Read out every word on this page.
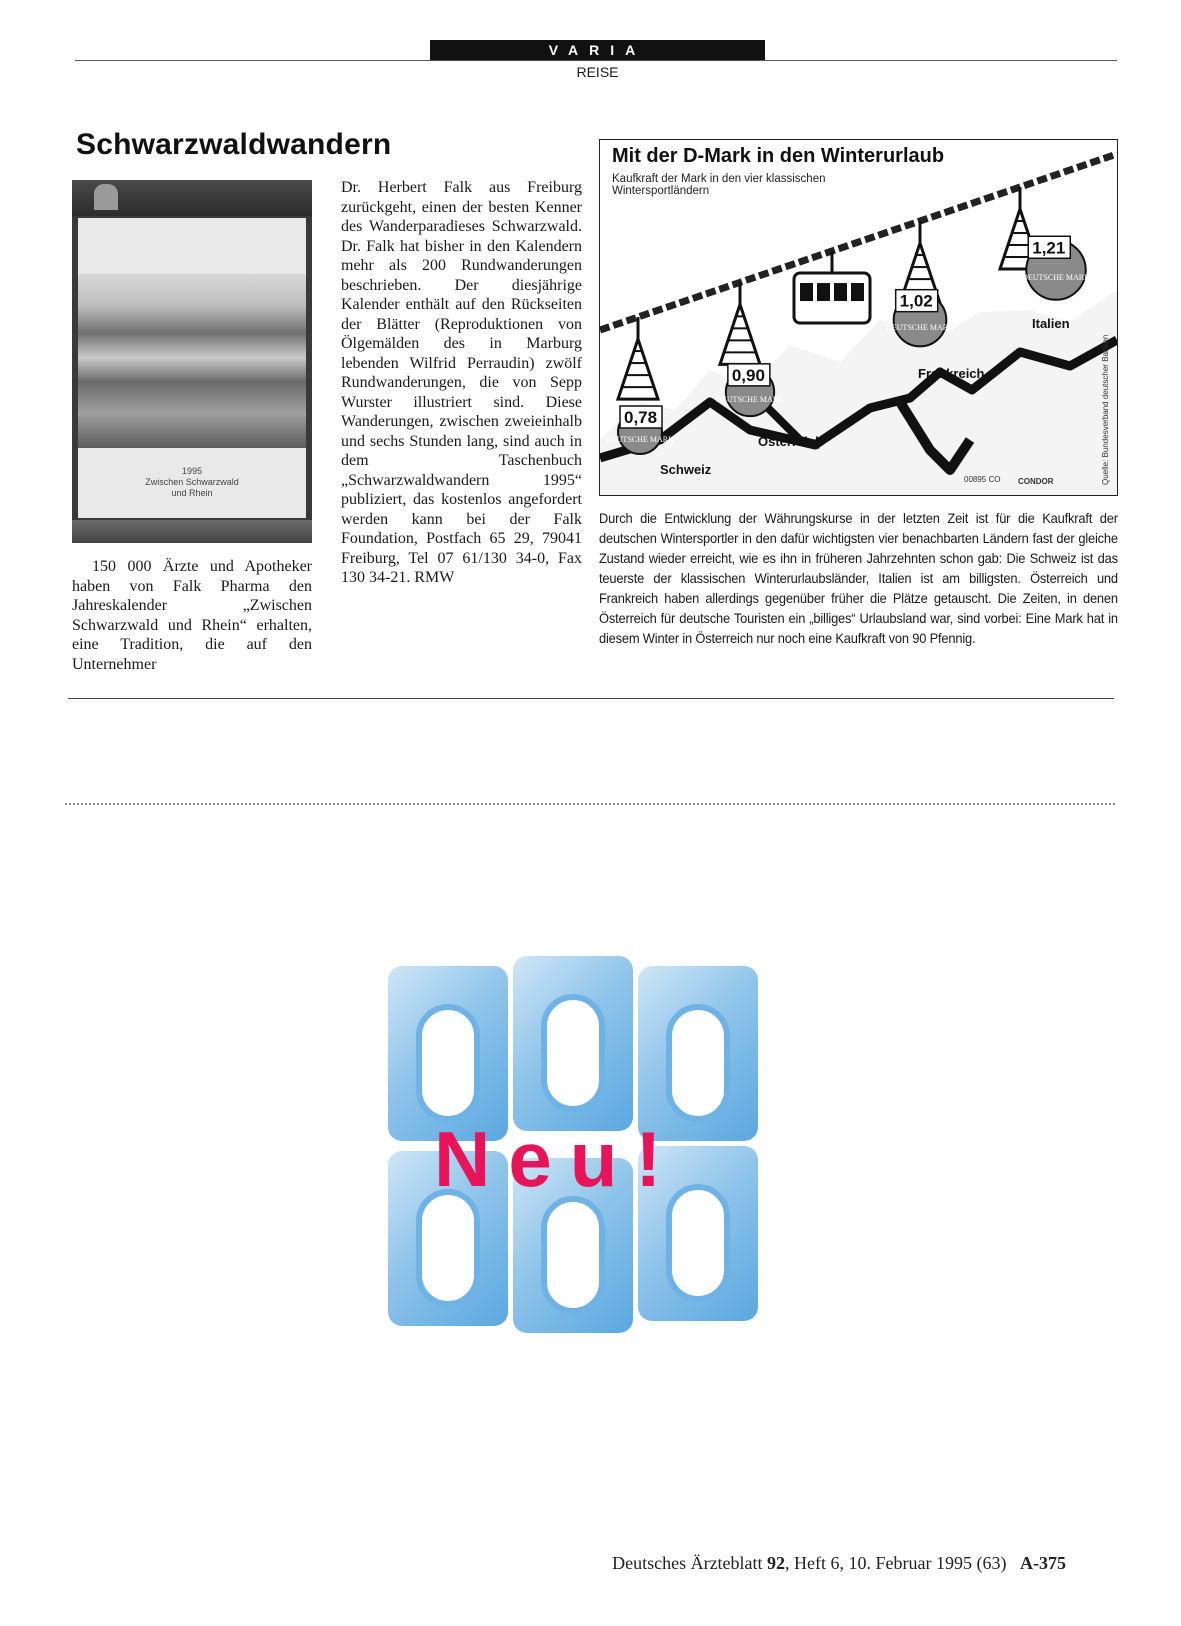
VARIA
REISE
Schwarzwaldwandern
1995
Zwischen Schwarzwald
und Rhein

150 000 Ärzte und Apotheker haben von Falk Pharma den Jahreskalender „Zwischen Schwarzwald und Rhein“ erhalten, eine Tradition, die auf den Unternehmer

Dr. Herbert Falk aus Freiburg zurückgeht, einen der besten Kenner des Wanderparadieses Schwarzwald. Dr. Falk hat bisher in den Kalendern mehr als 200 Rundwanderungen beschrieben. Der diesjährige Kalender enthält auf den Rückseiten der Blätter (Reproduktionen von Ölgemälden des in Marburg lebenden Wilfrid Perraudin) zwölf Rundwanderungen, die von Sepp Wurster illustriert sind. Diese Wanderungen, zwischen zweieinhalb und sechs Stunden lang, sind auch in dem Taschenbuch „Schwarzwaldwandern 1995“ publiziert, das kostenlos angefordert werden kann bei der Falk Foundation, Postfach 65 29, 79041 Freiburg, Tel 07 61/130 34-0, Fax 130 34-21. RMW

Mit der D-Mark in den Winterurlaub
Kaufkraft der Mark in den vier klassischen Wintersportländern
0,78
DEUTSCHE MARK
0,90
DEUTSCHE MARK
1,02
DEUTSCHE MARK
1,21
DEUTSCHE MARK
Schweiz
Österreich
Frankreich
Italien
00895 CO CONDOR	Quelle: Bundesverband deutscher Banken

Durch die Entwicklung der Währungskurse in der letzten Zeit ist für die Kaufkraft der deutschen Wintersportler in den dafür wichtigsten vier benachbarten Ländern fast der gleiche Zustand wieder erreicht, wie es ihn in früheren Jahrzehnten schon gab: Die Schweiz ist das teuerste der klassischen Winterurlaubsländer, Italien ist am billigsten. Österreich und Frankreich haben allerdings gegenüber früher die Plätze getauscht. Die Zeiten, in denen Österreich für deutsche Touristen ein „billiges“ Urlaubsland war, sind vorbei: Eine Mark hat in diesem Winter in Österreich nur noch eine Kaufkraft von 90 Pfennig.

Neu!
Deutsches Ärzteblatt 92, Heft 6, 10. Februar 1995 (63) A-375
